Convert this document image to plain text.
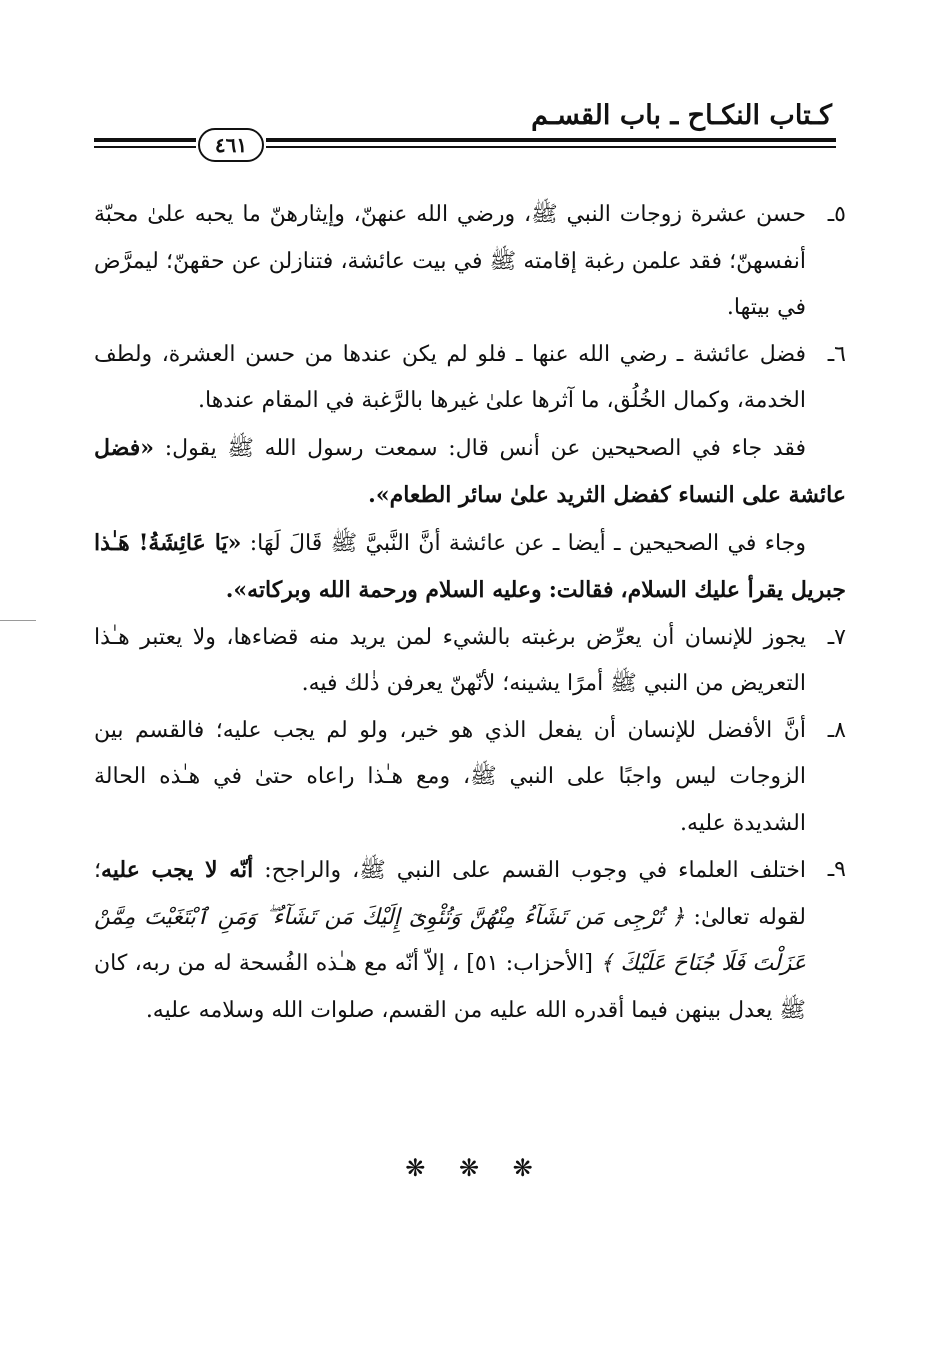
كـتاب النكـاح ـ باب القسـم
٤٦١

٥ـ
حسن عشرة زوجات النبي ﷺ، ورضي الله عنهنّ، وإيثارهنّ ما يحبه علىٰ محبّة أنفسهنّ؛ فقد علمن رغبة إقامته ﷺ في بيت عائشة، فتنازلن عن حقهنّ؛ ليمرَّض في بيتها.

٦ـ
فضل عائشة ـ رضي الله عنها ـ فلو لم يكن عندها من حسن العشرة، ولطف الخدمة، وكمال الخُلُق، ما آثرها علىٰ غيرها بالرَّغبة في المقام عندها.

فقد جاء في الصحيحين عن أنس قال: سمعت رسول الله ﷺ يقول: «فضل عائشة على النساء كفضل الثريد علىٰ سائر الطعام».

وجاء في الصحيحين ـ أيضا ـ عن عائشة أنَّ النَّبيَّ ﷺ قَالَ لَهَا: «يَا عَائِشَةُ! هَـٰذا جبريل يقرأ عليك السلام، فقالت: وعليه السلام ورحمة الله وبركاته».

٧ـ
يجوز للإنسان أن يعرِّض برغبته بالشيء لمن يريد منه قضاءها، ولا يعتبر هـٰذا التعريض من النبي ﷺ أمرًا يشينه؛ لأنّهنّ يعرفن ذٰلك فيه.

٨ـ
أنَّ الأفضل للإنسان أن يفعل الذي هو خير، ولو لم يجب عليه؛ فالقسم بين الزوجات ليس واجبًا على النبي ﷺ، ومع هـٰذا راعاه حتىٰ في هـٰذه الحالة الشديدة عليه.

٩ـ
اختلف العلماء في وجوب القسم على النبي ﷺ، والراجح: أنّه لا يجب عليه؛ لقوله تعالىٰ: ﴿ تُرْجِى مَن تَشَآءُ مِنْهُنَّ وَتُئْوِىٓ إِلَيْكَ مَن تَشَآءُ ۖ وَمَنِ ٱبْتَغَيْتَ مِمَّنْ عَزَلْتَ فَلَا جُنَاحَ عَلَيْكَ ﴾ [الأحزاب: ٥١] ، إلاّ أنّه مع هـٰذه الفُسحة له من ربه، كان ﷺ يعدل بينهن فيما أقدره الله عليه من القسم، صلوات الله وسلامه عليه.

❋ ❋ ❋
